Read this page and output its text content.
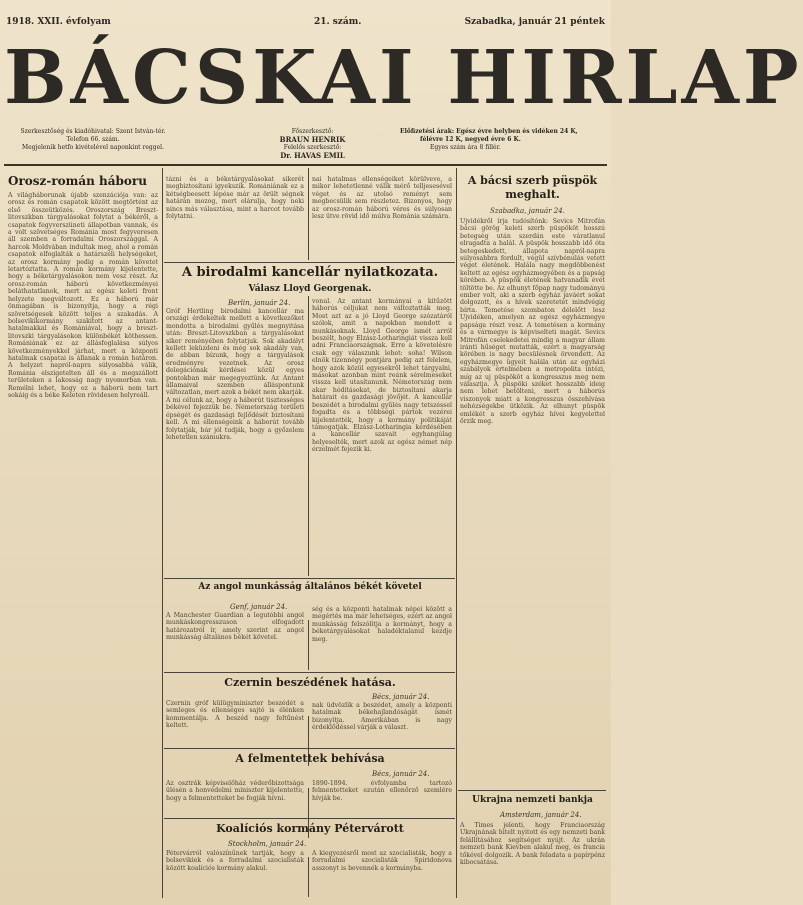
1918. XXII. évfolyam	21. szám.	Szabadka, január 21 péntek
BÁCSKAI HIRLAP
Szerkesztőség és kiadóhivatal: Szent István-tér.
Telefon 66. szám.
Megjelenik hetfo kivételével naponkint reggel.
Főszerkesztő:
BRAUN HENRIK
Felelős szerkesztő:
Dr. HAVAS EMIL
Előfizetési árak: Egész évre helyben és vidéken 24 K,
félévre 12 K, negyed évre 6 K.
Egyes szám ára 8 fillér.
Orosz-román háboru
A világháborunak újabb szenzációja van: az orosz és román csapatok között megtörtént az első összeütközés. Oroszország Breszt-litovszkban tárgyalásokat folytat a békéről, a csapatok fegyverszüneti állapotban vannak, és a volt szövetséges Románia most fegyveresen áll szemben a forradalmi Oroszországgal. A harcok Moldvában indultak meg, ahol a román csapatok elfoglalták a határszéli helységeket, az orosz kormány pedig a román követet letartóztatta. A román kormány kijelentette, hogy a béketárgyalásokon nem vesz részt. Az orosz-román háború következményei beláthatatlanok, mert az egész keleti front helyzete megváltozott. Ez a háború már önmagában is bizonyítja, hogy a régi szövetségesek között teljes a szakadás. A bolsevikikormány szakított az antant-hatalmakkal és Romániával, hogy a breszt-litovszki tárgyalásokon különbékét köthessen. Romániának ez az állásfoglalása súlyos következményekkel járhat, mert a központi hatalmak csapatai is állanak a román határon. A helyzet napról-napra súlyosabbá válik, Románia elszigetelten áll és a megszállott területeken a lakosság nagy nyomorban van. Remélni lehet, hogy ez a háború nem tart sokáig és a béke Keleten rövidesen helyreáll.
tázni és a béketárgyalásokat sikerét megbiztosítani igyekszik. Romániának ez a kétségbeesett lépése már az örült ségnek határán mozog, mert elárulja, hogy neki nincs más választása, mint a harcot tovább folytatni.
nai hatalmas ellenségeiket körülveve, a mikor lehetetlenné válik mérő telljesesével véget és az utolsó reményt sem megbecsülik sem részletez. Bizonyos, hogy az orosz-román háború véres és súlyosan lesz ütve rövid idő múlva Románia számára.
A birodalmi kancellár nyilatkozata.
Válasz Lloyd Georgenak.
Berlin, január 24.
Gróf Hertling birodalmi kancellár ma országi érdekeltek mellett a következőket mondotta a birodalmi gyűlés megnyitása után: Breszt-Litovszkban a tárgyalásokat siker reményében folytatjuk. Sok akadályt kellett leküzdeni és még sok akadály van, de abban bízunk, hogy a tárgyalások eredményre vezetnek. Az orosz delegációnak kérdései közül egyes pontokban már megegyeztünk. Az Antant államaival szemben álláspontunk változatlan, mert azok a békét nem akarják. A mi célunk az, hogy a háborút tisztességes békével fejezzük be. Németország területi épségét és gazdasági fejlődését biztosítani kell. A mi ellenségeink a háborút tovább folytatják, bár jól tudják, hogy a győzelem lehetetlen számukra.
vonul. Az antant kormányai a kitűzött háborús céljukat nem változtatták meg. Most azt az a jó Lloyd George szózatáról szólok, amit a napokban mondott a munkásoknak. Lloyd George ismét arról beszélt, hogy Elzász-Lotharingiát vissza kell adni Franciaországnak. Erre a követelésre csak egy válaszunk lehet: soha! Wilson elnök tizennégy pontjára pedig azt felelem, hogy azok közül egyesekről lehet tárgyalni, másokat azonban mint reánk sérelmeseket vissza kell utasítanunk. Németország nem akar hódításokat, de biztosítani akarja határait és gazdasági jövőjét. A kancellár beszédét a birodalmi gyűlés nagy tetszéssel fogadta és a többségi pártok vezérei kijelentették, hogy a kormány politikáját támogatják. Elzász-Lotharingia kérdésében a kancellár szavait egyhangúlag helyeselték, mert azok az egész német nép érzelmét fejezik ki.
Az angol munkásság általános békét követel
Genf, január 24.
A Manchester Guardian a legutóbbi angol munkáskongresszuson elfogadott határozatról ír, amely szerint az angol munkásság általános békét követel.
ség és a központi hatalmak népei között a megértés ma már lehetséges, ezért az angol munkásság felszólítja a kormányt, hogy a béketárgyalásokat haladéktalanul kezdje meg.
Czernin beszédének hatása.
Bécs, január 24.
Czernin gróf külügyminiszter beszédét a semleges és ellenséges sajtó is élénken kommentálja. A beszéd nagy feltűnést keltett.
nak üdvözlik a beszédet, amely a központi hatalmak békehajlandóságát ismét bizonyítja. Amerikában is nagy érdeklődéssel várják a választ.
A felmentettek behívása
Bécs, január 24.
Az osztrák képviselőház véderőbizottsága ülésén a honvédelmi miniszter kijelentette, hogy a felmentetteket be fogják hívni.
1890-1894. évfolyamba tartozó felmentetteket ezután ellenőrző szemlére hívják be.
Koalíciós kormány Pétervárott
Stockholm, január 24.
Pétervárról valószínűnek tartják, hogy a bolsevikiek és a forradalmi szocialisták között koalíciós kormány alakul.
A kiegyezésről most az szocialisták, hogy a forradalmi szocialisták Spiridonova asszonyt is bevennék a kormányba.
A bácsi szerb püspök meghalt.
Szabadka, január 24.
Ujvidékről írja tudósítónk: Sevics Mitrofán bácsi görög keleti szerb püspököt hosszú betegség után szerdán este váratlanul elragadta a halál. A püspök hosszabb idő óta betegeskedett, állapota napról-napra súlyosabbra fordult, végül szívbénulás vetett véget életének. Halála nagy megdöbbenést keltett az egész egyházmegyében és a papság körében. A püspök életének hatvanadik évét töltötte be. Az elhunyt főpap nagy tudományú ember volt, aki a szerb egyház javáért sokat dolgozott, és a hívek szeretetét mindvégig bírta. Temetése szombaton délelőtt lesz Ujvidéken, amelyen az egész egyházmegye papsága részt vesz. A temetésen a kormány és a vármegye is képviselteti magát. Sevics Mitrofán cselekedetei mindig a magyar állam iránti hűséget mutatták, ezért a magyarság körében is nagy becsülésnek örvendett. Az egyházmegye ügyeit halála után az egyházi szabályok értelmében a metropolita intézi, míg az uj püspököt a kongresszus meg nem választja. A püspöki széket hosszabb ideig nem lehet betölteni, mert a háborús viszonyok miatt a kongresszus összehívása nehézségekbe ütközik. Az elhunyt püspök emlékét a szerb egyház hívei kegyelettel őrzik meg.
Ukrajna nemzeti bankja
Amsterdam, január 24.
A Times jelenti, hogy Franciaország Ukrajnának hitelt nyitott és egy nemzeti bank felállításához segítséget nyújt. Az ukrán nemzeti bank Kievben alakul meg, és francia tőkével dolgozik. A bank feladata a papírpénz kibocsátása.
